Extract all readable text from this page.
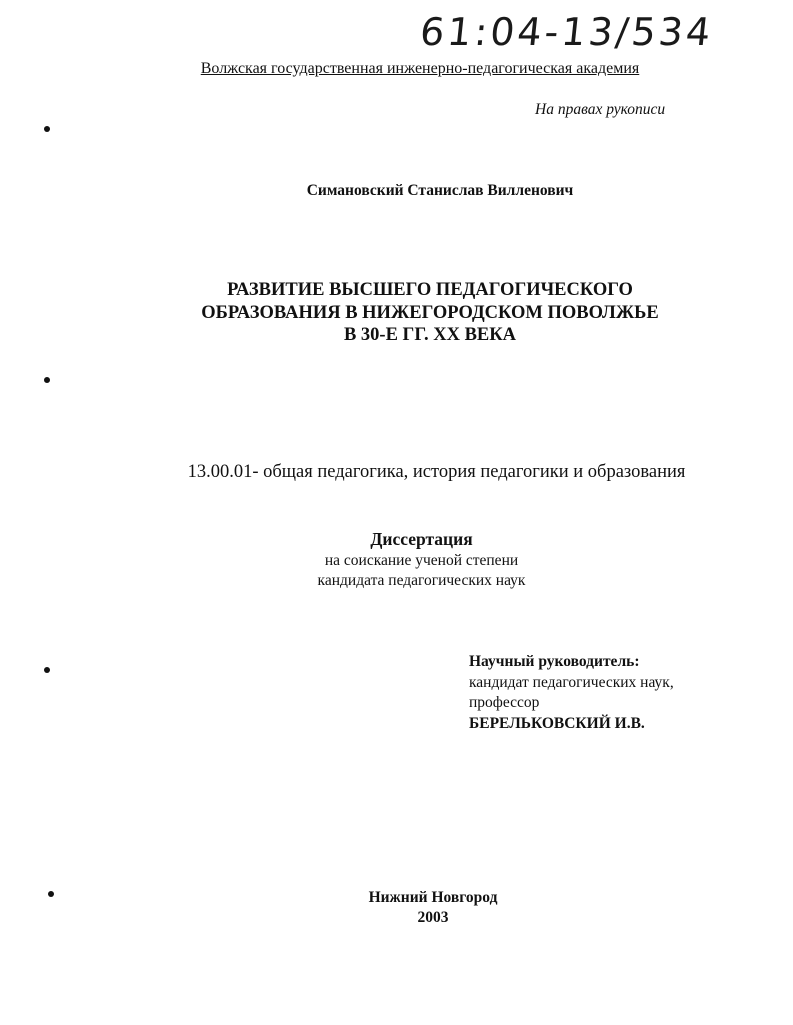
61:04-13/534
Волжская государственная инженерно-педагогическая академия
На правах рукописи
Симановский Станислав Вилленович
РАЗВИТИЕ ВЫСШЕГО ПЕДАГОГИЧЕСКОГО
ОБРАЗОВАНИЯ В НИЖЕГОРОДСКОМ ПОВОЛЖЬЕ
В 30-Е ГГ. XX ВЕКА
13.00.01- общая педагогика, история педагогики и образования
Диссертация
на соискание ученой степени
кандидата педагогических наук
Научный руководитель:
кандидат педагогических наук,
профессор
БЕРЕЛЬКОВСКИЙ И.В.
Нижний Новгород
2003
